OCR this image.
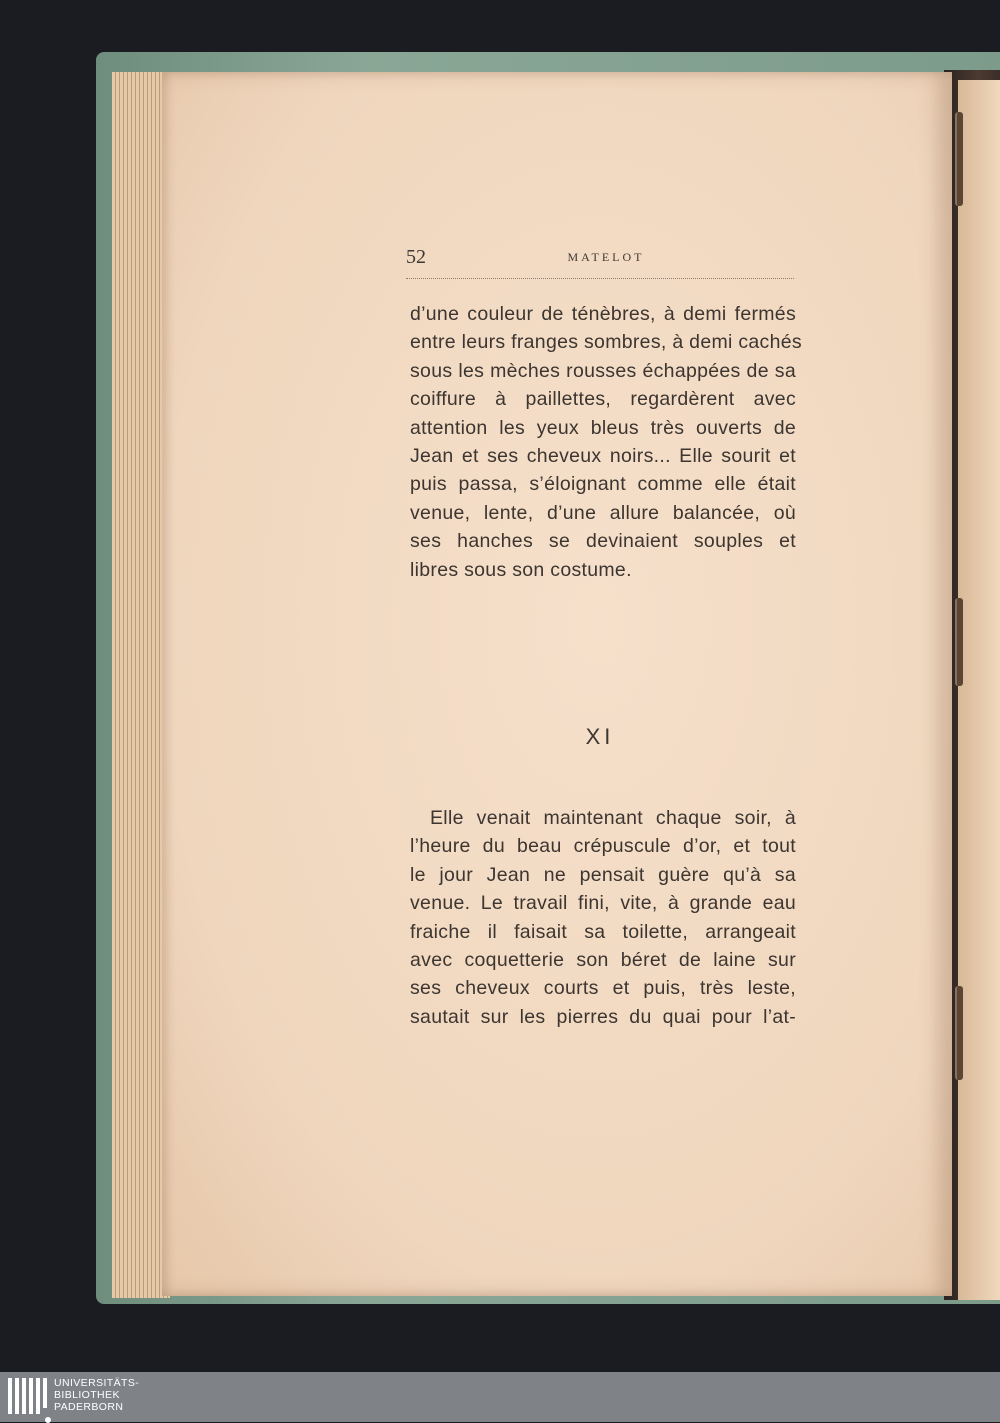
52	MATELOT
d’une couleur de ténèbres, à demi fermés
entre leurs franges sombres, à demi cachés
sous les mèches rousses échappées de sa
coiffure à paillettes, regardèrent avec
attention les yeux bleus très ouverts de
Jean et ses cheveux noirs... Elle sourit et
puis passa, s’éloignant comme elle était
venue, lente, d’une allure balancée, où
ses hanches se devinaient souples et
libres sous son costume.
XI
Elle venait maintenant chaque soir, à
l’heure du beau crépuscule d’or, et tout
le jour Jean ne pensait guère qu’à sa
venue. Le travail fini, vite, à grande eau
fraiche il faisait sa toilette, arrangeait
avec coquetterie son béret de laine sur
ses cheveux courts et puis, très leste,
sautait sur les pierres du quai pour l’at-
UNIVERSITÄTS-
BIBLIOTHEK
PADERBORN
